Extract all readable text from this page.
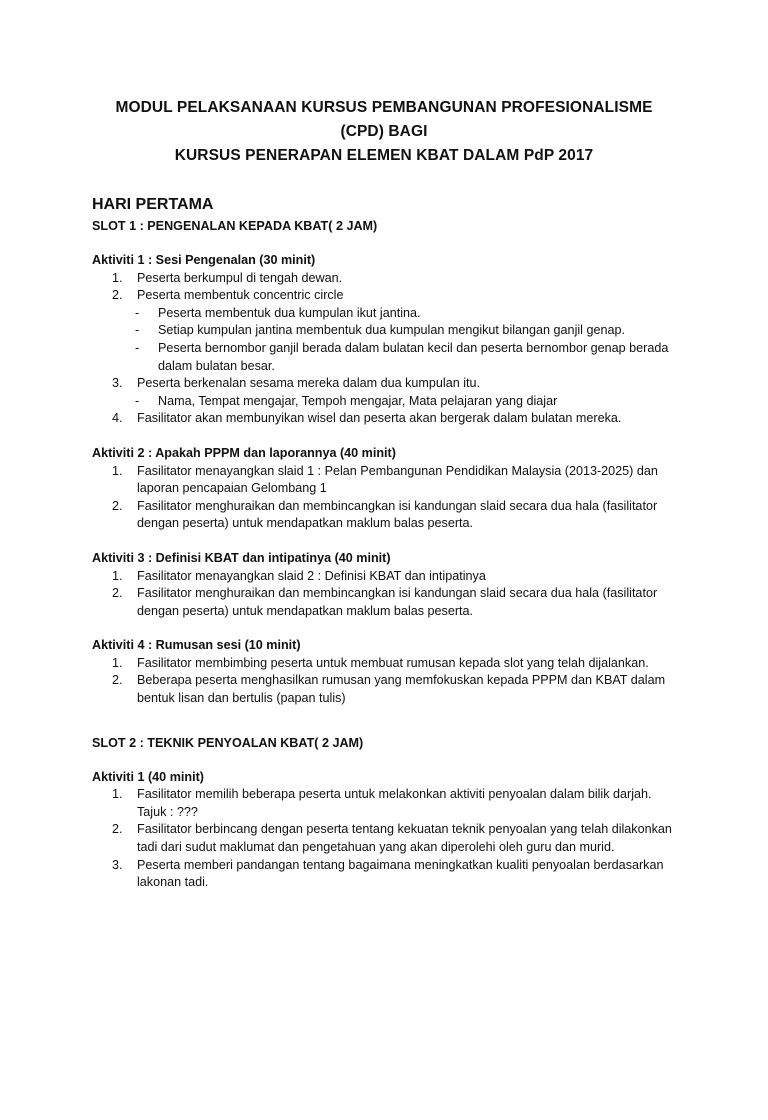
MODUL PELAKSANAAN KURSUS PEMBANGUNAN PROFESIONALISME (CPD) BAGI
KURSUS PENERAPAN ELEMEN KBAT DALAM PdP 2017
HARI PERTAMA
SLOT 1 : PENGENALAN KEPADA KBAT( 2 JAM)
Aktiviti 1 : Sesi Pengenalan (30 minit)
1. Peserta berkumpul di tengah dewan.
2. Peserta membentuk concentric circle
- Peserta membentuk dua kumpulan ikut jantina.
- Setiap kumpulan jantina membentuk dua kumpulan mengikut bilangan ganjil genap.
- Peserta bernombor ganjil berada dalam bulatan kecil dan peserta bernombor genap berada dalam bulatan besar.
3. Peserta berkenalan sesama mereka dalam dua kumpulan itu.
- Nama, Tempat mengajar, Tempoh mengajar, Mata pelajaran yang diajar
4. Fasilitator akan membunyikan wisel dan peserta akan bergerak dalam bulatan mereka.
Aktiviti 2 : Apakah PPPM dan laporannya (40 minit)
1. Fasilitator menayangkan slaid 1 : Pelan Pembangunan Pendidikan Malaysia (2013-2025) dan laporan pencapaian Gelombang 1
2. Fasilitator menghuraikan dan membincangkan isi kandungan slaid secara dua hala (fasilitator dengan peserta) untuk mendapatkan maklum balas peserta.
Aktiviti 3 : Definisi KBAT dan intipatinya (40 minit)
1. Fasilitator menayangkan slaid 2 : Definisi KBAT dan intipatinya
2. Fasilitator menghuraikan dan membincangkan isi kandungan slaid secara dua hala (fasilitator dengan peserta) untuk mendapatkan maklum balas peserta.
Aktiviti 4 : Rumusan sesi (10 minit)
1. Fasilitator membimbing peserta untuk membuat rumusan kepada slot yang telah dijalankan.
2. Beberapa peserta menghasilkan rumusan yang memfokuskan kepada PPPM dan KBAT dalam bentuk lisan dan bertulis (papan tulis)
SLOT 2 : TEKNIK PENYOALAN KBAT( 2 JAM)
Aktiviti 1 (40 minit)
1. Fasilitator memilih beberapa peserta untuk melakonkan aktiviti penyoalan dalam bilik darjah. Tajuk : ???
2. Fasilitator berbincang dengan peserta tentang kekuatan teknik penyoalan yang telah dilakonkan tadi dari sudut maklumat dan pengetahuan yang akan diperolehi oleh guru dan murid.
3. Peserta memberi pandangan tentang bagaimana meningkatkan kualiti penyoalan berdasarkan lakonan tadi.
